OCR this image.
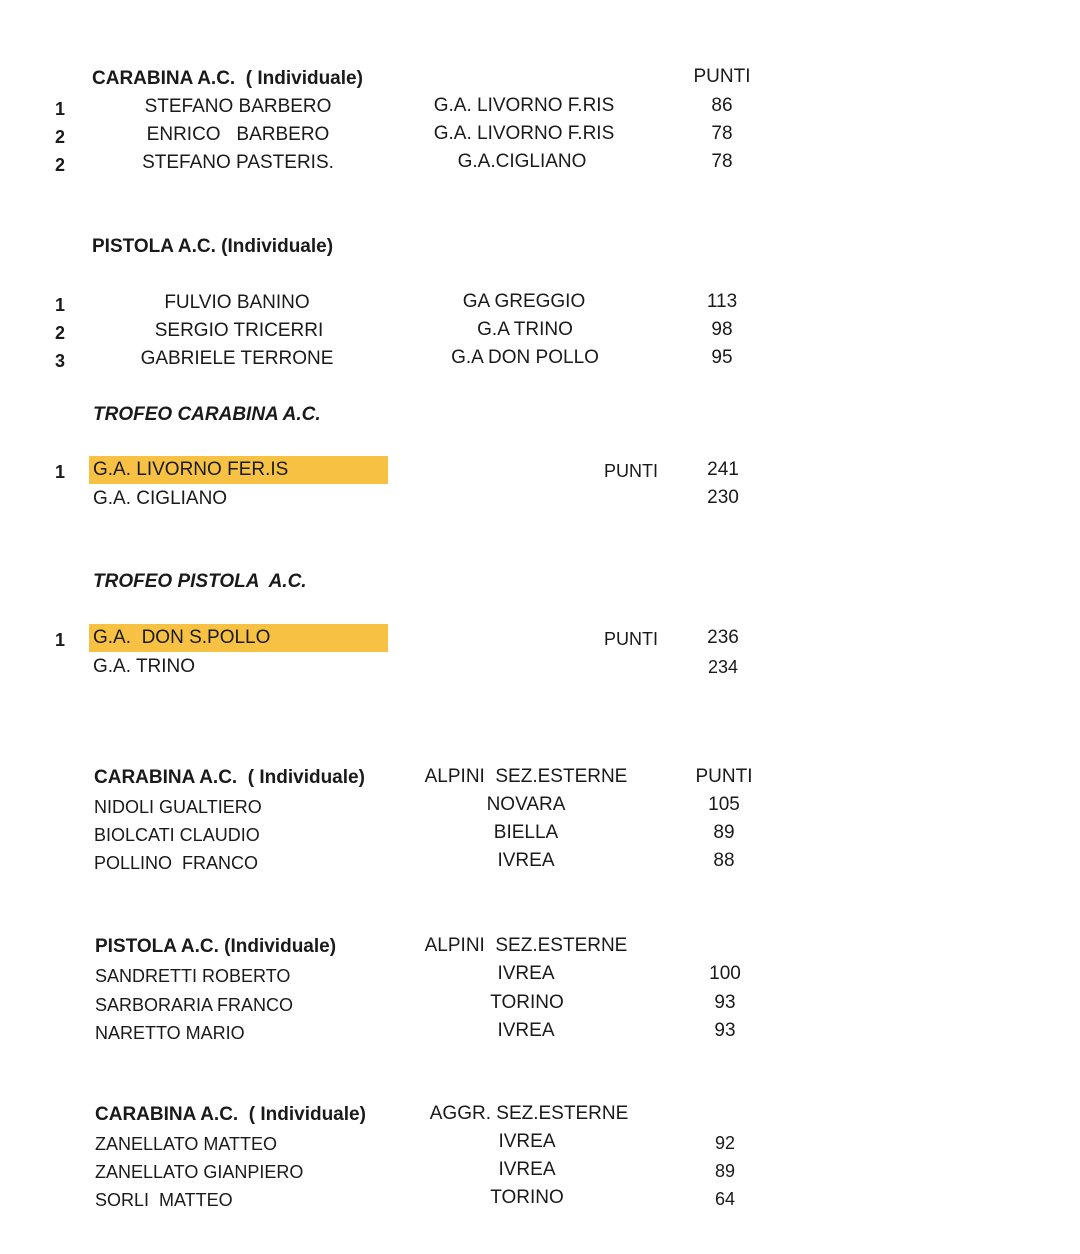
CARABINA A.C.  ( Individuale)	PUNTI
1	STEFANO BARBERO	G.A. LIVORNO F.RIS	86
2	ENRICO   BARBERO	G.A. LIVORNO F.RIS	78
2	STEFANO PASTERIS.	G.A.CIGLIANO	78
PISTOLA A.C. (Individuale)
1	FULVIO BANINO	GA GREGGIO	113
2	SERGIO TRICERRI	G.A TRINO	98
3	GABRIELE TERRONE	G.A DON POLLO	95
TROFEO CARABINA A.C.
1 G.A. LIVORNO FER.IS	PUNTI	241
G.A. CIGLIANO	230
TROFEO PISTOLA  A.C.
1 G.A.  DON S.POLLO	PUNTI	236
G.A. TRINO	234
CARABINA A.C.  ( Individuale)	ALPINI  SEZ.ESTERNE	PUNTI
NIDOLI GUALTIERO	NOVARA	105
BIOLCATI CLAUDIO	BIELLA	89
POLLINO  FRANCO	IVREA	88
PISTOLA A.C. (Individuale)	ALPINI  SEZ.ESTERNE
SANDRETTI ROBERTO	IVREA	100
SARBORARIA FRANCO	TORINO	93
NARETTO MARIO	IVREA	93
CARABINA A.C.  ( Individuale)	AGGR. SEZ.ESTERNE
ZANELLATO MATTEO	IVREA	92
ZANELLATO GIANPIERO	IVREA	89
SORLI  MATTEO	TORINO	64
